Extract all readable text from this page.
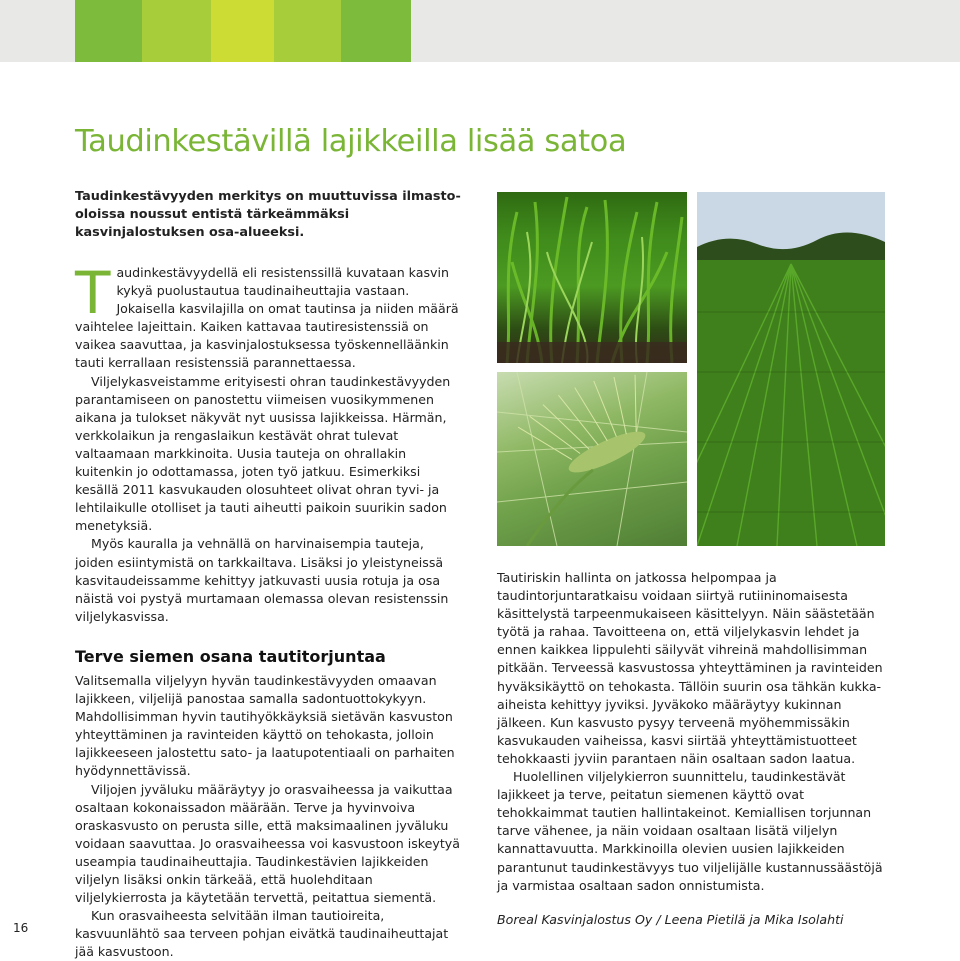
Taudinkestävillä lajikkeilla lisää satoa

Taudinkestävyyden merkitys on muuttuvissa ilmasto-oloissa noussut entistä tärkeämmäksi kasvinjalostuksen osa-alueeksi.

Taudinkestävyydellä eli resistenssillä kuvataan kasvin kykyä puolustautua taudinaiheuttajia vastaan. Jokaisella kasvilajilla on omat tautinsa ja niiden määrä vaihtelee lajeittain. Kaiken kattavaa tautiresistenssiä on vaikea saavuttaa, ja kasvinjalostuksessa työskennelläänkin tauti kerrallaan resistenssiä parannettaessa.

Viljelykasveistamme erityisesti ohran taudinkestävyyden parantamiseen on panostettu viimeisen vuosikymmenen aikana ja tulokset näkyvät nyt uusissa lajikkeissa. Härmän, verkkolaikun ja rengaslaikun kestävät ohrat tulevat valtaamaan markkinoita. Uusia tauteja on ohrallakin kuitenkin jo odottamassa, joten työ jatkuu. Esimerkiksi kesällä 2011 kasvukauden olosuhteet olivat ohran tyvi- ja lehtilaikulle otolliset ja tauti aiheutti paikoin suurikin sadon menetyksiä.

Myös kauralla ja vehnällä on harvinaisempia tauteja, joiden esiintymistä on tarkkailtava. Lisäksi jo yleistyneissä kasvitaudeissamme kehittyy jatkuvasti uusia rotuja ja osa näistä voi pystyä murtamaan olemassa olevan resistenssin viljelykasvissa.

Terve siemen osana tautitorjuntaa

Valitsemalla viljelyyn hyvän taudinkestävyyden omaavan lajikkeen, viljelijä panostaa samalla sadontuottokykyyn. Mahdollisimman hyvin tautihyökkäyksiä sietävän kasvuston yhteyttäminen ja ravinteiden käyttö on tehokasta, jolloin lajikkeeseen jalostettu sato- ja laatupotentiaali on parhaiten hyödynnettävissä.

Viljojen jyväluku määräytyy jo orasvaiheessa ja vaikuttaa osaltaan kokonaissadon määrään. Terve ja hyvinvoiva oraskasvusto on perusta sille, että maksimaalinen jyväluku voidaan saavuttaa. Jo orasvaiheessa voi kasvustoon iskeytyä useampia taudinaiheuttajia. Taudinkestävien lajikkeiden viljelyn lisäksi onkin tärkeää, että huolehditaan viljelykierrosta ja käytetään tervettä, peitattua siementä.

Kun orasvaiheesta selvitään ilman tautioireita, kasvuunlähtö saa terveen pohjan eivätkä taudinaiheuttajat jää kasvustoon.

Tautiriskin hallinta on jatkossa helpompaa ja taudintorjuntaratkaisu voidaan siirtyä rutiininomaisesta käsittelystä tarpeenmukaiseen käsittelyyn. Näin säästetään työtä ja rahaa. Tavoitteena on, että viljelykasvin lehdet ja ennen kaikkea lippulehti säilyvät vihreinä mahdollisimman pitkään. Terveessä kasvustossa yhteyttäminen ja ravinteiden hyväksikäyttö on tehokasta. Tällöin suurin osa tähkän kukka-aiheista kehittyy jyviksi. Jyväkoko määräytyy kukinnan jälkeen. Kun kasvusto pysyy terveenä myöhemmissäkin kasvukauden vaiheissa, kasvi siirtää yhteyttämistuotteet tehokkaasti jyviin parantaen näin osaltaan sadon laatua.

Huolellinen viljelykierron suunnittelu, taudinkestävät lajikkeet ja terve, peitatun siemenen käyttö ovat tehokkaimmat tautien hallintakeinot. Kemiallisen torjunnan tarve vähenee, ja näin voidaan osaltaan lisätä viljelyn kannattavuutta. Markkinoilla olevien uusien lajikkeiden parantunut taudinkestävyys tuo viljelijälle kustannussäästöjä ja varmistaa osaltaan sadon onnistumista.

Boreal Kasvinjalostus Oy / Leena Pietilä ja Mika Isolahti

16
